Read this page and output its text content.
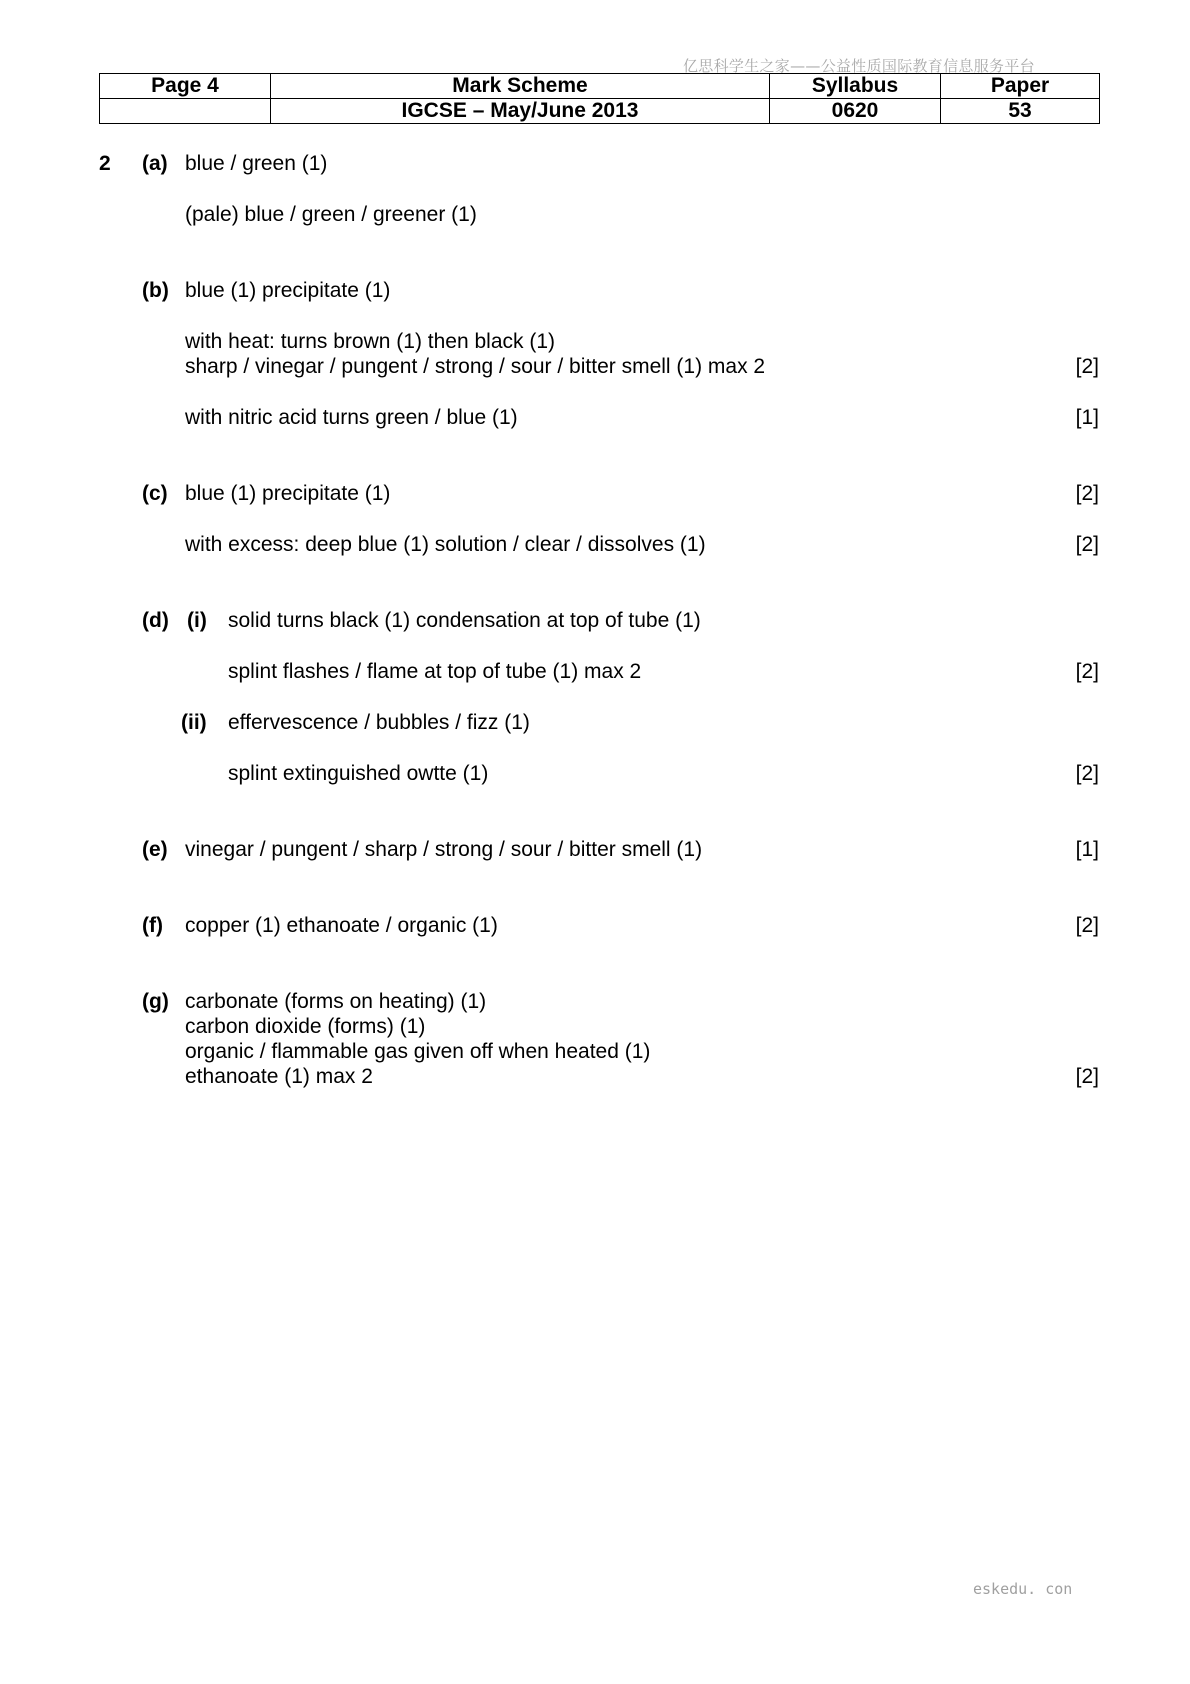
亿思科学生之家——公益性质国际教育信息服务平台
Page 4	Mark Scheme	Syllabus	Paper
	IGCSE – May/June 2013	0620	53
2 (a) blue / green (1)
(pale) blue / green / greener (1)
(b) blue (1) precipitate (1)
with heat: turns brown (1) then black (1)
sharp / vinegar / pungent / strong / sour / bitter smell (1) max 2	[2]
with nitric acid turns green / blue (1)	[1]
(c) blue (1) precipitate (1)	[2]
with excess: deep blue (1) solution / clear / dissolves (1)	[2]
(d) (i) solid turns black (1) condensation at top of tube (1)
splint flashes / flame at top of tube (1) max 2	[2]
(ii) effervescence / bubbles / fizz (1)
splint extinguished owtte (1)	[2]
(e) vinegar / pungent / sharp / strong / sour / bitter smell (1)	[1]
(f) copper (1) ethanoate / organic (1)	[2]
(g) carbonate (forms on heating) (1)
carbon dioxide (forms) (1)
organic / flammable gas given off when heated (1)
ethanoate (1) max 2	[2]
eskedu. con
